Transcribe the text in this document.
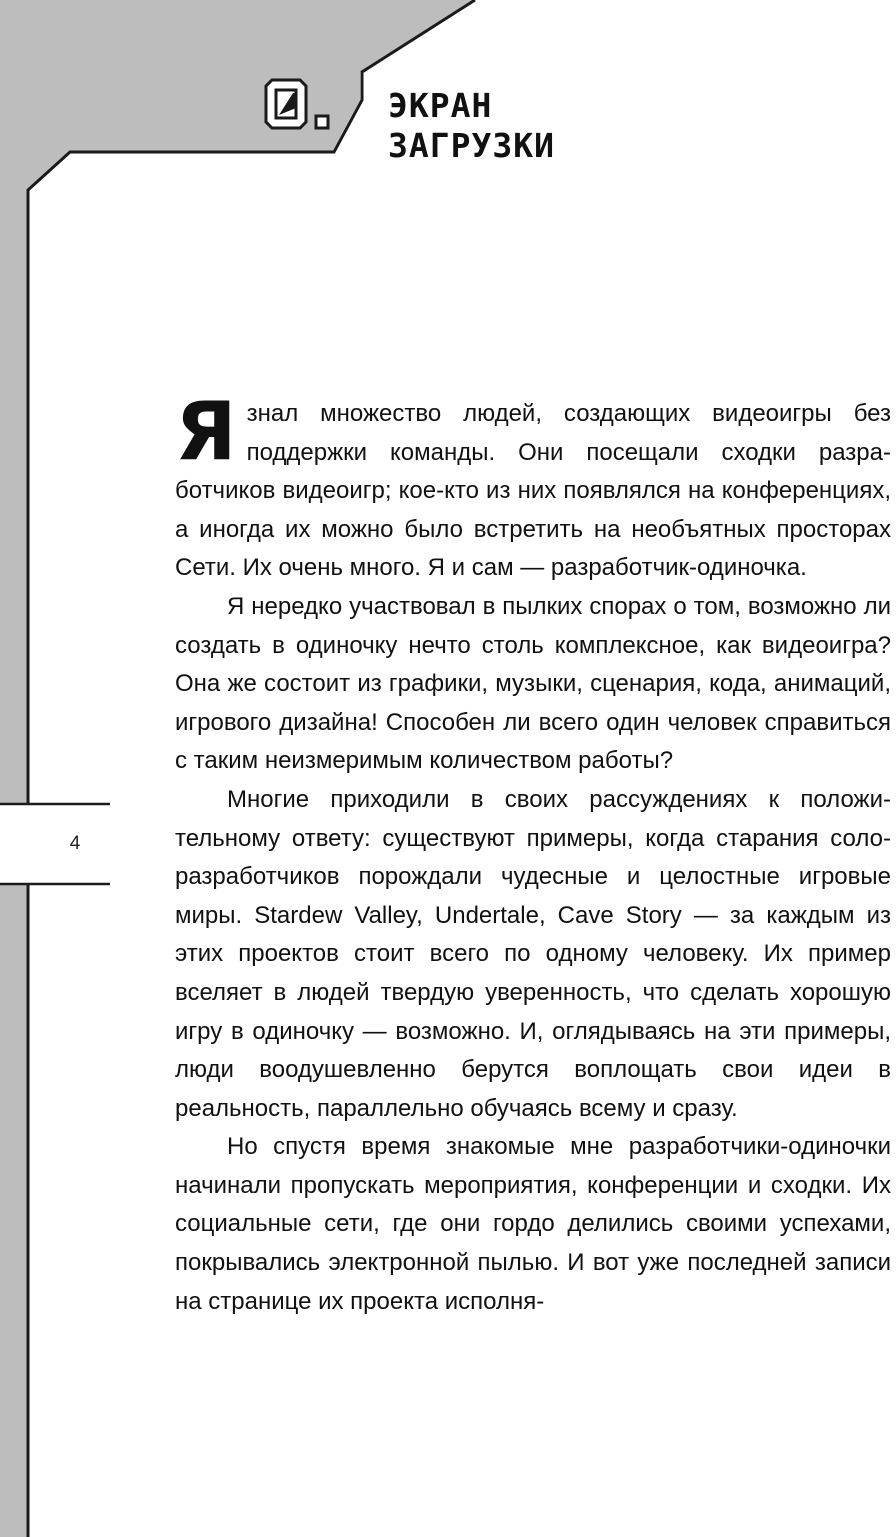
ЭКРАН
ЗАГРУЗКИ
4

Язнал множество людей, создающих видеоигры без поддержки команды. Они посещали сходки разработчиков видеоигр; кое-кто из них появлялся на конференциях, а иногда их можно было встретить на необъятных просторах Сети. Их очень много. Я и сам — разработчик-одиночка.

Я нередко участвовал в пылких спорах о том, возможно ли создать в одиночку нечто столь комплексное, как видеоигра? Она же состоит из графики, музыки, сценария, кода, анимаций, игрового дизайна! Способен ли всего один человек справиться с таким неизмеримым количеством работы?

Многие приходили в своих рассуждениях к положительному ответу: существуют примеры, когда старания соло-разработчиков порождали чудесные и целостные игровые миры. Stardew Valley, Undertale, Cave Story — за каждым из этих проектов стоит всего по одному человеку. Их пример вселяет в людей твердую уверенность, что сделать хорошую игру в одиночку — возможно. И, оглядываясь на эти примеры, люди воодушевленно берутся воплощать свои идеи в реальность, параллельно обучаясь всему и сразу.

Но спустя время знакомые мне разработчики-одиночки начинали пропускать мероприятия, конференции и сходки. Их социальные сети, где они гордо делились своими успехами, покрывались электронной пылью. И вот уже последней записи на странице их проекта исполня-
